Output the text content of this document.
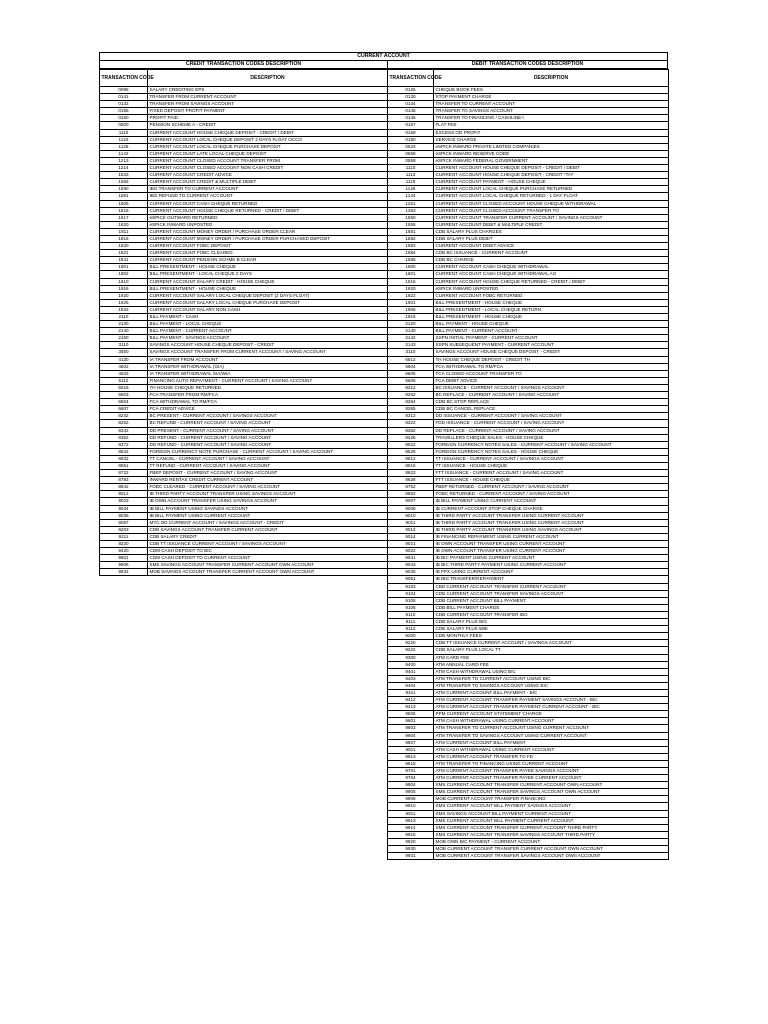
CURRENT ACCOUNT
CREDIT TRANSACTION CODES DESCRIPTION
TRANSACTION CODE	DESCRIPTION
0095	SALARY CREDITING EPS
0141	TRANSFER FROM CURRENT ACCOUNT
0142	TRANSFER FROM SAVINGS ACCOUNT
0155	FIXED DEPOSIT PROFIT PAYMENT
0160	PROFIT PAID
0500	PENSION SCHEME A - CREDIT
1110	CURRENT ACCOUNT HOUSE CHEQUE DEPOSIT - CREDIT / DEBIT
1123	CURRENT ACCOUNT LOCAL CHEQUE DEPOSIT 2 DAYS FLOAT OCCO
1125	CURRENT ACCOUNT LOCAL CHEQUE PURCHASE DEPOSIT
1142	CURRENT ACCOUNT LATE LOCAL CHEQUE DEPOSIT
1213	CURRENT ACCOUNT CLOSED ACCOUNT TRANSFER FROM
1214	CURRENT ACCOUNT CLOSED ACCOUNT NON CASH CREDIT
1533	CURRENT ACCOUNT CREDIT ADVICE
1556	CURRENT ACCOUNT CREDIT & MULTIPLE DEBIT
1590	IBG TRANSFER TO CURRENT ACCOUNT
1591	IBG REFUND TO CURRENT ACCOUNT
1605	CURRENT ACCOUNT CASH CHEQUE RETURNED
1616	CURRENT ACCOUNT HOUSE CHEQUE RETURNED - CREDIT / DEBIT
1617	eSPICK OUTWARD RETURNED
1620	eSPICK INWARD UNPOSTED
1811	CURRENT ACCOUNT MONEY ORDER / PURCHASE ORDER CLEAR
1815	CURRENT ACCOUNT MONEY ORDER / PURCHASE ORDER PURCHASED DEPOSIT
1820	CURRENT ACCOUNT FOBC DEPOSIT
1821	CURRENT ACCOUNT FOBC CLEARED
1841	CURRENT ACCOUNT PENSION SCHME B CLEAR
1901	BILL PRESENTMENT - HOUSE CHEQUE
1902	BILL PRESENTMENT - LOCAL CHEQUE 2 DAYS
1910	CURRENT ACCOUNT SALARY CREDIT - HOUSE CHEQUE
1916	BILL PRESENTMENT - HOUSE CHEQUE
1920	CURRENT ACCOUNT SALARY LOCAL CHEQUE DEPOSIT (2 DAYS FLOAT)
1925	CURRENT ACCOUNT SALARY LOCAL CHEQUE PURCHASE DEPOSIT
1933	CURRENT ACCOUNT SALARY NON CASH
2110	BILL PAYMENT - CASH
2130	BILL PAYMENT - LOCAL CHEQUE
2140	BILL PAYMENT - CURRENT ACCOUNT
2150	BILL PAYMENT - SAVINGS ACCOUNT
3110	SAVINGS ACCOUNT HOUSE CHEQUE DEPOSIT - CREDIT
3550	SAVINGS ACCOUNT TRANSFER FROM CURRENT ACCOUNT / SAVING ACCOUNT
4130	IA TRANSFER FROM ACCOUNT
4602	IA TRANSFER WITHDRAWAL (GIA)
4633	IA TRANSFER WITHDRAWAL SIA/WIA
5112	FINANCING AUTO REPAYMENT - CURRENT ACCOUNT / SAVING ACCOUNT
6516	TH HOUSE CHEQUE RETURNED
6603	FCA TRANSFER FROM RM/FCA
6604	FCA WITHDRAWAL TO RM/FCA
6607	FCA CREDIT ADVICE
8242	BC PRESENT - CURRENT ACCOUNT / SAVINGS ACCOUNT
8252	BC REFUND - CURRENT ACCOUNT / SAVING ACCOUNT
8342	DD PRESENT - CURRENT ACCOUNT / SAVING ACCOUNT
8352	DD REFUND - CURRENT ACCOUNT / SAVING ACCOUNT
8372	DD REFUND - CURRENT ACCOUNT / SAVING ACCOUNT
8542	FOREIGN CURRENCY NOTE PURCHASE - CURRENT ACCOUNT / SAVING ACCOUNT
8632	TT CANCEL - CURRENT ACCOUNT / SAVING ACCOUNT
8651	TT REFUND - CURRENT ACCOUNT / SAVING ACCOUNT
8722	FBEP DEPOSIT - CURRENT ACCOUNT / SAVING ACCOUNT
8783	INWARD RENTAS CREDIT CURRENT ACCOUNT
8842	FOBC CLEARED - CURRENT ACCOUNT / SAVING ACCOUNT
9012	IB THIRD PARTY ACCOUNT TRANSFER USING SAVINGS ACCOUNT
9023	IB OWN ACCOUNT TRANSFER USING SAVINGS ACCOUNT
9034	IB BILL PAYMENT USING SAVINGS ACCOUNT
9036	IB BILL PAYMENT USING CURRENT ACCOUNT
9057	MYC DD CURRENT ACCOUNT / SAVINGS ACCOUNT - CREDIT
9203	CDB SAVINGS ACCOUNT TRANSFER CURRENT ACCOUNT
9211	CDB SALARY CREDIT
9220	CDB TT ISSUANCE CURRENT ACCOUNT / SAVINGS ACCOUNT
9420	CDM CASH DEPOSIT TO BIC
9501	CDM CASH DEPOSIT TO CURRENT ACCOUNT
9906	SMS SAVINGS ACCOUNT TRANSFER CURRENT ACCOUNT OWN ACCOUNT
9932	MOB SAVINGS ACCOUNT TRANSFER CURRENT ACCOUNT OWN ACCOUNT
DEBIT TRANSACTION CODES DESCRIPTION
TRANSACTION CODE	DESCRIPTION
0125	CHEQUE BOOK FEES
0130	STOP PAYMENT CHARGE
0144	TRANSFER TO CURRENT ACCOUNT
0145	TRANSFER TO SAVINGS ACCOUNT
0146	TRANSFER TO FINANCING / CASHLINE-i
0167	FLAT FEE
0169	EXCESS OD PROFIT
0180	SERVICE CHARGE
0523	eSPICK INWARD PRIVATE LIMITED COMPANIES
0558	eSPICK INWARD RESERVE CODE
0559	eSPICK INWARD FEDERAL GOVERNMENT
1110	CURRENT ACCOUNT HOUSE CHEQUE DEPOSIT - CREDIT / DEBIT
1113	CURRENT ACCOUNT HOUSE CHEQUE DEPOSIT - CREDIT *TH*
1119	CURRENT ACCOUNT PAYMENT - HOUSE CHEQUE
1126	CURRENT ACCOUNT LOCAL CHEQUE PURCHASE RETURNED
1144	CURRENT ACCOUNT LOCAL CHEQUE RETURNED - 1 DAY FLOAT
1261	CURRENT ACCOUNT CLOSED ACCOUNT HOUSE CHEQUE WITHDRAWAL
1263	CURRENT ACCOUNT CLOSED ACCOUNT TRANSFER TO
1550	CURRENT ACCOUNT TRANSFER CURRENT ACCOUNT / SAVINGS ACCOUNT
1555	CURRENT ACCOUNT DEBIT & MULTIPLE CREDIT
1581	CDB SALARY PLUS CHARGES
1582	CDB SALARY PLUS DEBIT
1583	CURRENT ACCOUNT DEBIT ADVICE
1584	CDB BC ISSUANCE - CURRENT ACCOUNT
1585	CDB BC CHARGE
1600	CURRENT ACCOUNT CASH CHEQUE WITHDRAWAL
1601	CURRENT ACCOUNT CASH CHEQUE WITHDRAWAL AG
1616	CURRENT ACCOUNT HOUSE CHEQUE RETURNED - CREDIT / DEBIT
1620	eSPICK INWARD UNPOSTED
1822	CURRENT ACCOUNT FOBC RETURNED
1901	BILL PRESENTMENT - HOUSE CHEQUE
1906	BILL PRESENTMENT - LOCAL CHEQUE RETURN
1916	BILL PRESENTMENT - HOUSE CHEQUE
2120	BILL PAYMENT - HOUSE CHEQUE
2140	BILL PAYMENT - CURRENT ACCOUNT
2142	SSPN INITIAL PAYMENT - CURRENT ACCOUNT
2143	SSPN SUBSEQUENT PAYMENT - CURRENT ACCOUNT
3110	SAVINGS ACCOUNT HOUSE CHEQUE DEPOSIT - CREDIT
6512	TH HOUSE CHEQUE DEPOSIT - CREDIT TH
6604	FCA WITHDRAWAL TO RM/FCA
6605	FCA CLOSED ACCOUNT TRANSFER TO
6606	FCA DEBIT ADVICE
8212	BC ISSUANCE - CURRENT ACCOUNT / SAVINGS ACCOUNT
8262	BC REPLACE - CURRENT ACCOUNT / SAVING ACCOUNT
8264	CDB BC STOP REPLACE
8265	CDB BC CANCEL REPLACE
8312	DD ISSUANCE - CURRENT ACCOUNT / SAVING ACCOUNT
8322	FDD ISSUANCE - CURRENT ACCOUNT / SAVING ACCOUNT
8362	DD REPLACE - CURRENT ACCOUNT / SAVING ACCOUNT
8426	TRAVELLERS CHEQUE SALES - HOUSE CHEQUE
8522	FOREIGN CURRENCY NOTES SALES - CURRENT ACCOUNT / SAVING ACCOUNT
8526	FOREIGN CURRENCY NOTES SALES - HOUSE CHEQUE
8612	TT ISSUANCE - CURRENT ACCOUNT / SAVINGS ACCOUNT
8616	TT ISSUANCE - HOUSE CHEQUE
8622	FTT ISSUANCE - CURRENT ACCOUNT / SAVING ACCOUNT
8626	FTT ISSUANCE - HOUSE CHEQUE
8752	FBEP RETURNED - CURRENT ACCOUNT / SAVING ACCOUNT
8852	FOBC RETURNED - CURRENT ACCOUNT / SAVING ACCOUNT
9007	IB BILL PAYMENT USING CURRENT ACCOUNT
9009	IB CURRENT ACCOUNT STOP CHEQUE CHARGE
9010	IB THIRD PARTY ACCOUNT TRANSFER USING CURRENT ACCOUNT
9011	IB THIRD PARTY ACCOUNT TRANSFER USING CURRENT ACCOUNT
9012	IB THIRD PARTY ACCOUNT TRANSFER USING SAVINGS ACCOUNT
9014	IB FINANCING REPAYMENT USING CURRENT ACCOUNT
9021	IB OWN ACCOUNT TRANSFER USING CURRENT ACCOUNT
9022	IB OWN ACCOUNT TRANSFER USING CURRENT ACCOUNT
9041	IB BIC PAYMENT USING CURRENT ACCOUNT
9043	IB BIC THIRD PARTY PAYMENT USING CURRENT ACCOUNT
9045	IB FPX USING CURRENT ACCOUNT
9051	IB IBG TRANSFER/REPAYMENT
9103	CBD CURRENT ACCOUNT TRANSFER CURRENT ACCOUNT
9104	CDB CURRENT ACCOUNT TRANSFER SAVINGS ACCOUNT
9105	CDB CURRENT ACCOUNT BILL PAYMENT
9106	CDB BILL PAYMENT CHARGE
9110	CDB CURRENT ACCOUNT TRANSFER IBG
9111	CDB SALARY PLUS IBG
9112	CDB SALARY PLUS WBI
9200	CDB MONTHLY FEES
9220	CDB TT ISSUANCE CURRENT ACCOUNT / SAVINGS ACCOUNT
9222	CDB SALARY PLUS LOCAL TT
9300	ATM CARD FEE
9400	ATM ANNUAL CARD FEE
9401	ATM CASH WITHDRAWAL USING BIC
9403	ATM TRANSFER TO CURRENT ACCOUNT USING BIC
9404	ATM TRANSFER TO SAVINGS ACCOUNT USING BIC
9411	ATM CURRENT ACCOUNT BILL PAYMENT - BIC
9412	ATM CURRENT ACCOUNT TRANSFER PAYMENT SAVINGS ACCOUNT - BIC
9413	ATM CURRENT ACCOUNT TRANSFER PAYMENT CURRENT ACCOUNT - BIC
9506	PPM CURRENT ACCOUNT STATEMENT CHARGE
9601	ATM CASH WITHDRAWAL USING CURRENT ACCOUNT
9603	ATM TRANSFER TO CURRENT ACCOUNT USING CURRENT ACCOUNT
9604	ATM TRANSFER TO SAVINGS ACCOUNT USING CURRENT ACCOUNT
9607	ATM CURRENT ACCOUNT BILL PAYMENT
9611	ATM CASH WITHDRAWAL USING CURRENT ACCOUNT
9613	ATM CURRENT ACCOUNT TRANSFER TO FD
9618	ATM TRANSFER TO FINANCING USING CURRENT ACCOUNT
9701	ATM CURRENT ACCOUNT TRANSFER PAYEE SAVINGS ACCOUNT
9704	ATM CURRENT ACCOUNT TRANSFER PAYEE CURRENT ACCOUNT
9904	SMS CURRENT ACCOUNT TRANSFER CURRENT ACCOUNT OWN ACCOUNT
9905	SMS CURRENT ACCOUNT TRANSFER SAVINGS ACCOUNT OWN ACCOUNT
9908	MOB CURRENT ACCOUNT TRANSFER FINANCING
9910	SMS CURRENT ACCOUNT BILL PAYMENT SAVINGS ACCOUNT
9911	SMS SAVINGS ACCOUNT BILL PAYMENT CURRENT ACCOUNT
9913	SMS CURRENT ACCOUNT BILL PAYMENT CURRENT ACCOUNT
9914	SMS CURRENT ACCOUNT TRANSFER CURRENT ACCOUNT THIRD PARTY
9915	SMS CURRENT ACCOUNT TRANSFER SAVINGS ACCOUNT THIRD PARTY
9920	MOB OWN BIC PAYMENT - CURRENT ACCOUNT
9930	MOB CURRENT ACCOUNT TRANSFER CURRENT ACCOUNT OWN ACCOUNT
9931	MOB CURRENT ACCOUNT TRANSFER SAVINGS ACCOUNT OWN ACCOUNT
